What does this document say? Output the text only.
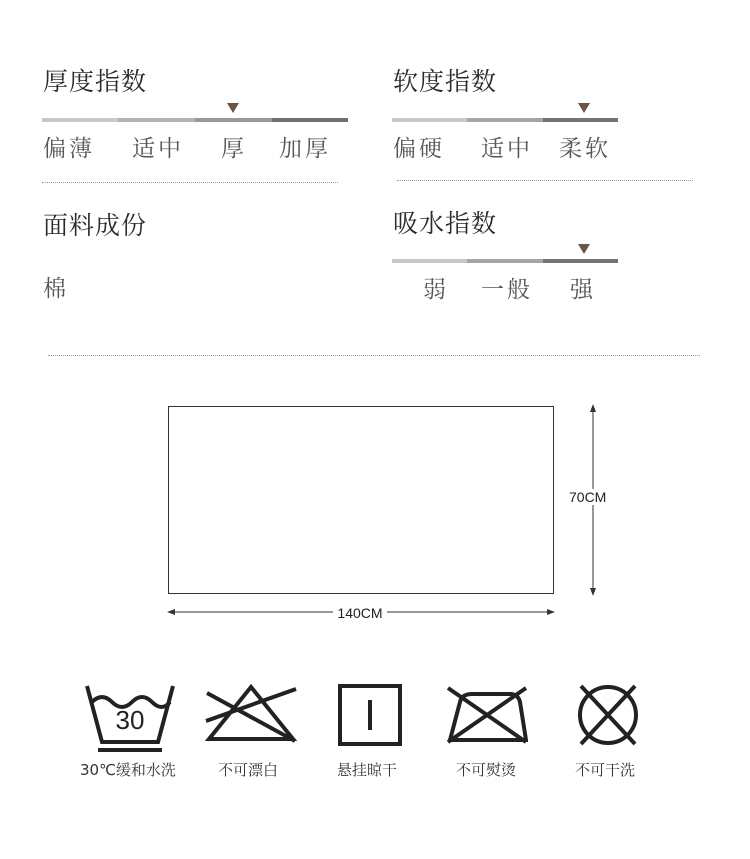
厚度指数
偏薄 适中 厚 加厚
软度指数
偏硬 适中 柔软
面料成份
棉
吸水指数
弱 一般 强
140CM
70CM
30
30℃缓和水洗	不可漂白	悬挂晾干	不可熨烫	不可干洗
